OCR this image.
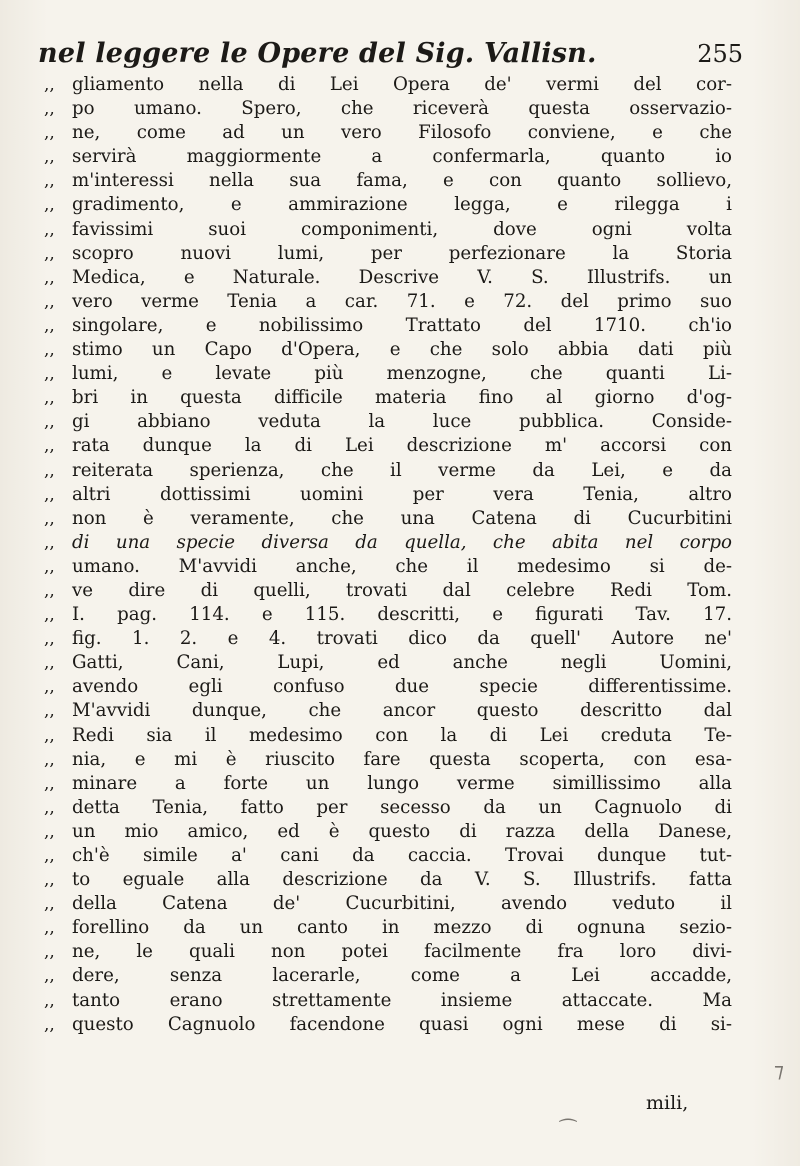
nel leggere le Opere del Sig. Vallisn.	255
,, gliamento nella di Lei Opera de' vermi del cor-
,, po umano. Spero, che riceverà questa osservazio-
,, ne, come ad un vero Filosofo conviene, e che
,, servirà maggiormente a confermarla, quanto io
,, m'interessi nella sua fama, e con quanto sollievo,
,, gradimento, e ammirazione legga, e rilegga i
,, favissimi suoi componimenti, dove ogni volta
,, scopro nuovi lumi, per perfezionare la Storia
,, Medica, e Naturale. Descrive V. S. Illustrifs. un
,, vero verme Tenia a car. 71. e 72. del primo suo
,, singolare, e nobilissimo Trattato del 1710. ch'io
,, stimo un Capo d'Opera, e che solo abbia dati più
,, lumi, e levate più menzogne, che quanti Li-
,, bri in questa difficile materia fino al giorno d'og-
,, gi abbiano veduta la luce pubblica. Conside-
,, rata dunque la di Lei descrizione m' accorsi con
,, reiterata sperienza, che il verme da Lei, e da
,, altri dottissimi uomini per vera Tenia, altro
,, non è veramente, che una Catena di Cucurbitini
,, di una specie diversa da quella, che abita nel corpo
,, umano. M'avvidi anche, che il medesimo si de-
,, ve dire di quelli, trovati dal celebre Redi Tom.
,, I. pag. 114. e 115. descritti, e figurati Tav. 17.
,, fig. 1. 2. e 4. trovati dico da quell' Autore ne'
,, Gatti, Cani, Lupi, ed anche negli Uomini,
,, avendo egli confuso due specie differentissime.
,, M'avvidi dunque, che ancor questo descritto dal
,, Redi sia il medesimo con la di Lei creduta Te-
,, nia, e mi è riuscito fare questa scoperta, con esa-
,, minare a forte un lungo verme simillissimo alla
,, detta Tenia, fatto per secesso da un Cagnuolo di
,, un mio amico, ed è questo di razza della Danese,
,, ch'è simile a' cani da caccia. Trovai dunque tut-
,, to eguale alla descrizione da V. S. Illustrifs. fatta
,, della Catena de' Cucurbitini, avendo veduto il
,, forellino da un canto in mezzo di ognuna sezio-
,, ne, le quali non potei facilmente fra loro divi-
,, dere, senza lacerarle, come a Lei accadde,
,, tanto erano strettamente insieme attaccate. Ma
,, questo Cagnuolo facendone quasi ogni mese di si-
mili,
⁀
⁊
